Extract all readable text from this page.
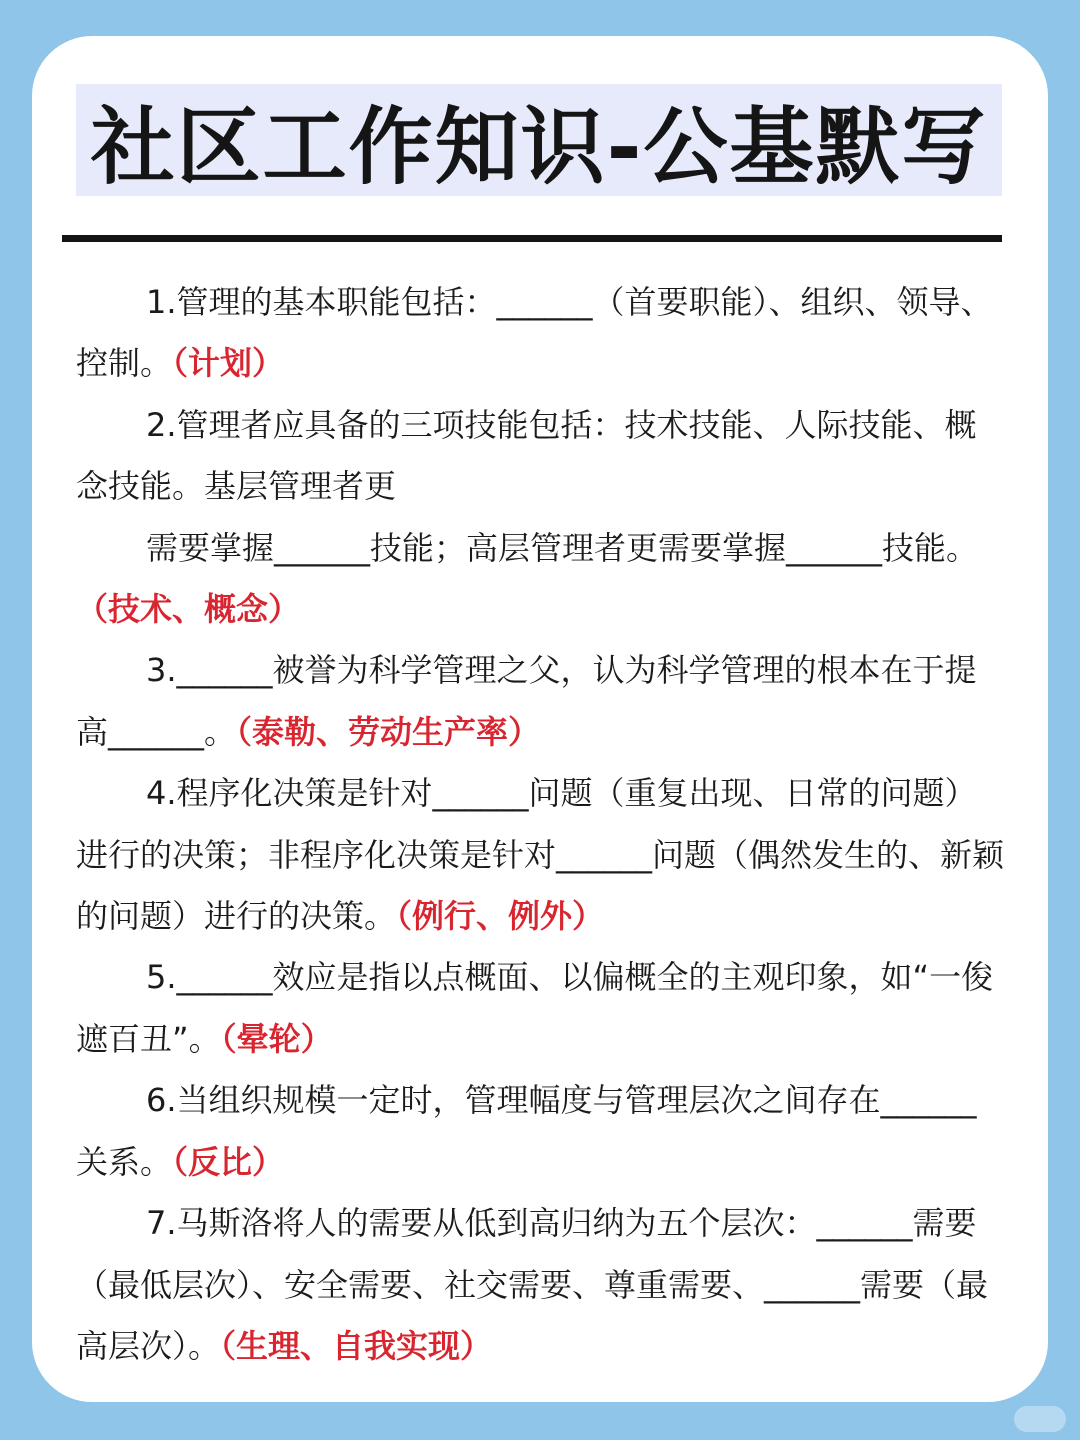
社区工作知识-公基默写

1.管理的基本职能包括：______（首要职能）、组织、领导、控制。（计划）

2.管理者应具备的三项技能包括：技术技能、人际技能、概念技能。基层管理者更

需要掌握______技能；高层管理者更需要掌握______技能。（技术、概念）

3.______被誉为科学管理之父，认为科学管理的根本在于提高______。（泰勒、劳动生产率）

4.程序化决策是针对______问题（重复出现、日常的问题）进行的决策；非程序化决策是针对______问题（偶然发生的、新颖的问题）进行的决策。（例行、例外）

5.______效应是指以点概面、以偏概全的主观印象，如“一俊遮百丑”。（晕轮）

6.当组织规模一定时，管理幅度与管理层次之间存在______关系。（反比）

7.马斯洛将人的需要从低到高归纳为五个层次：______需要（最低层次）、安全需要、社交需要、尊重需要、______需要（最高层次）。（生理、自我实现）
